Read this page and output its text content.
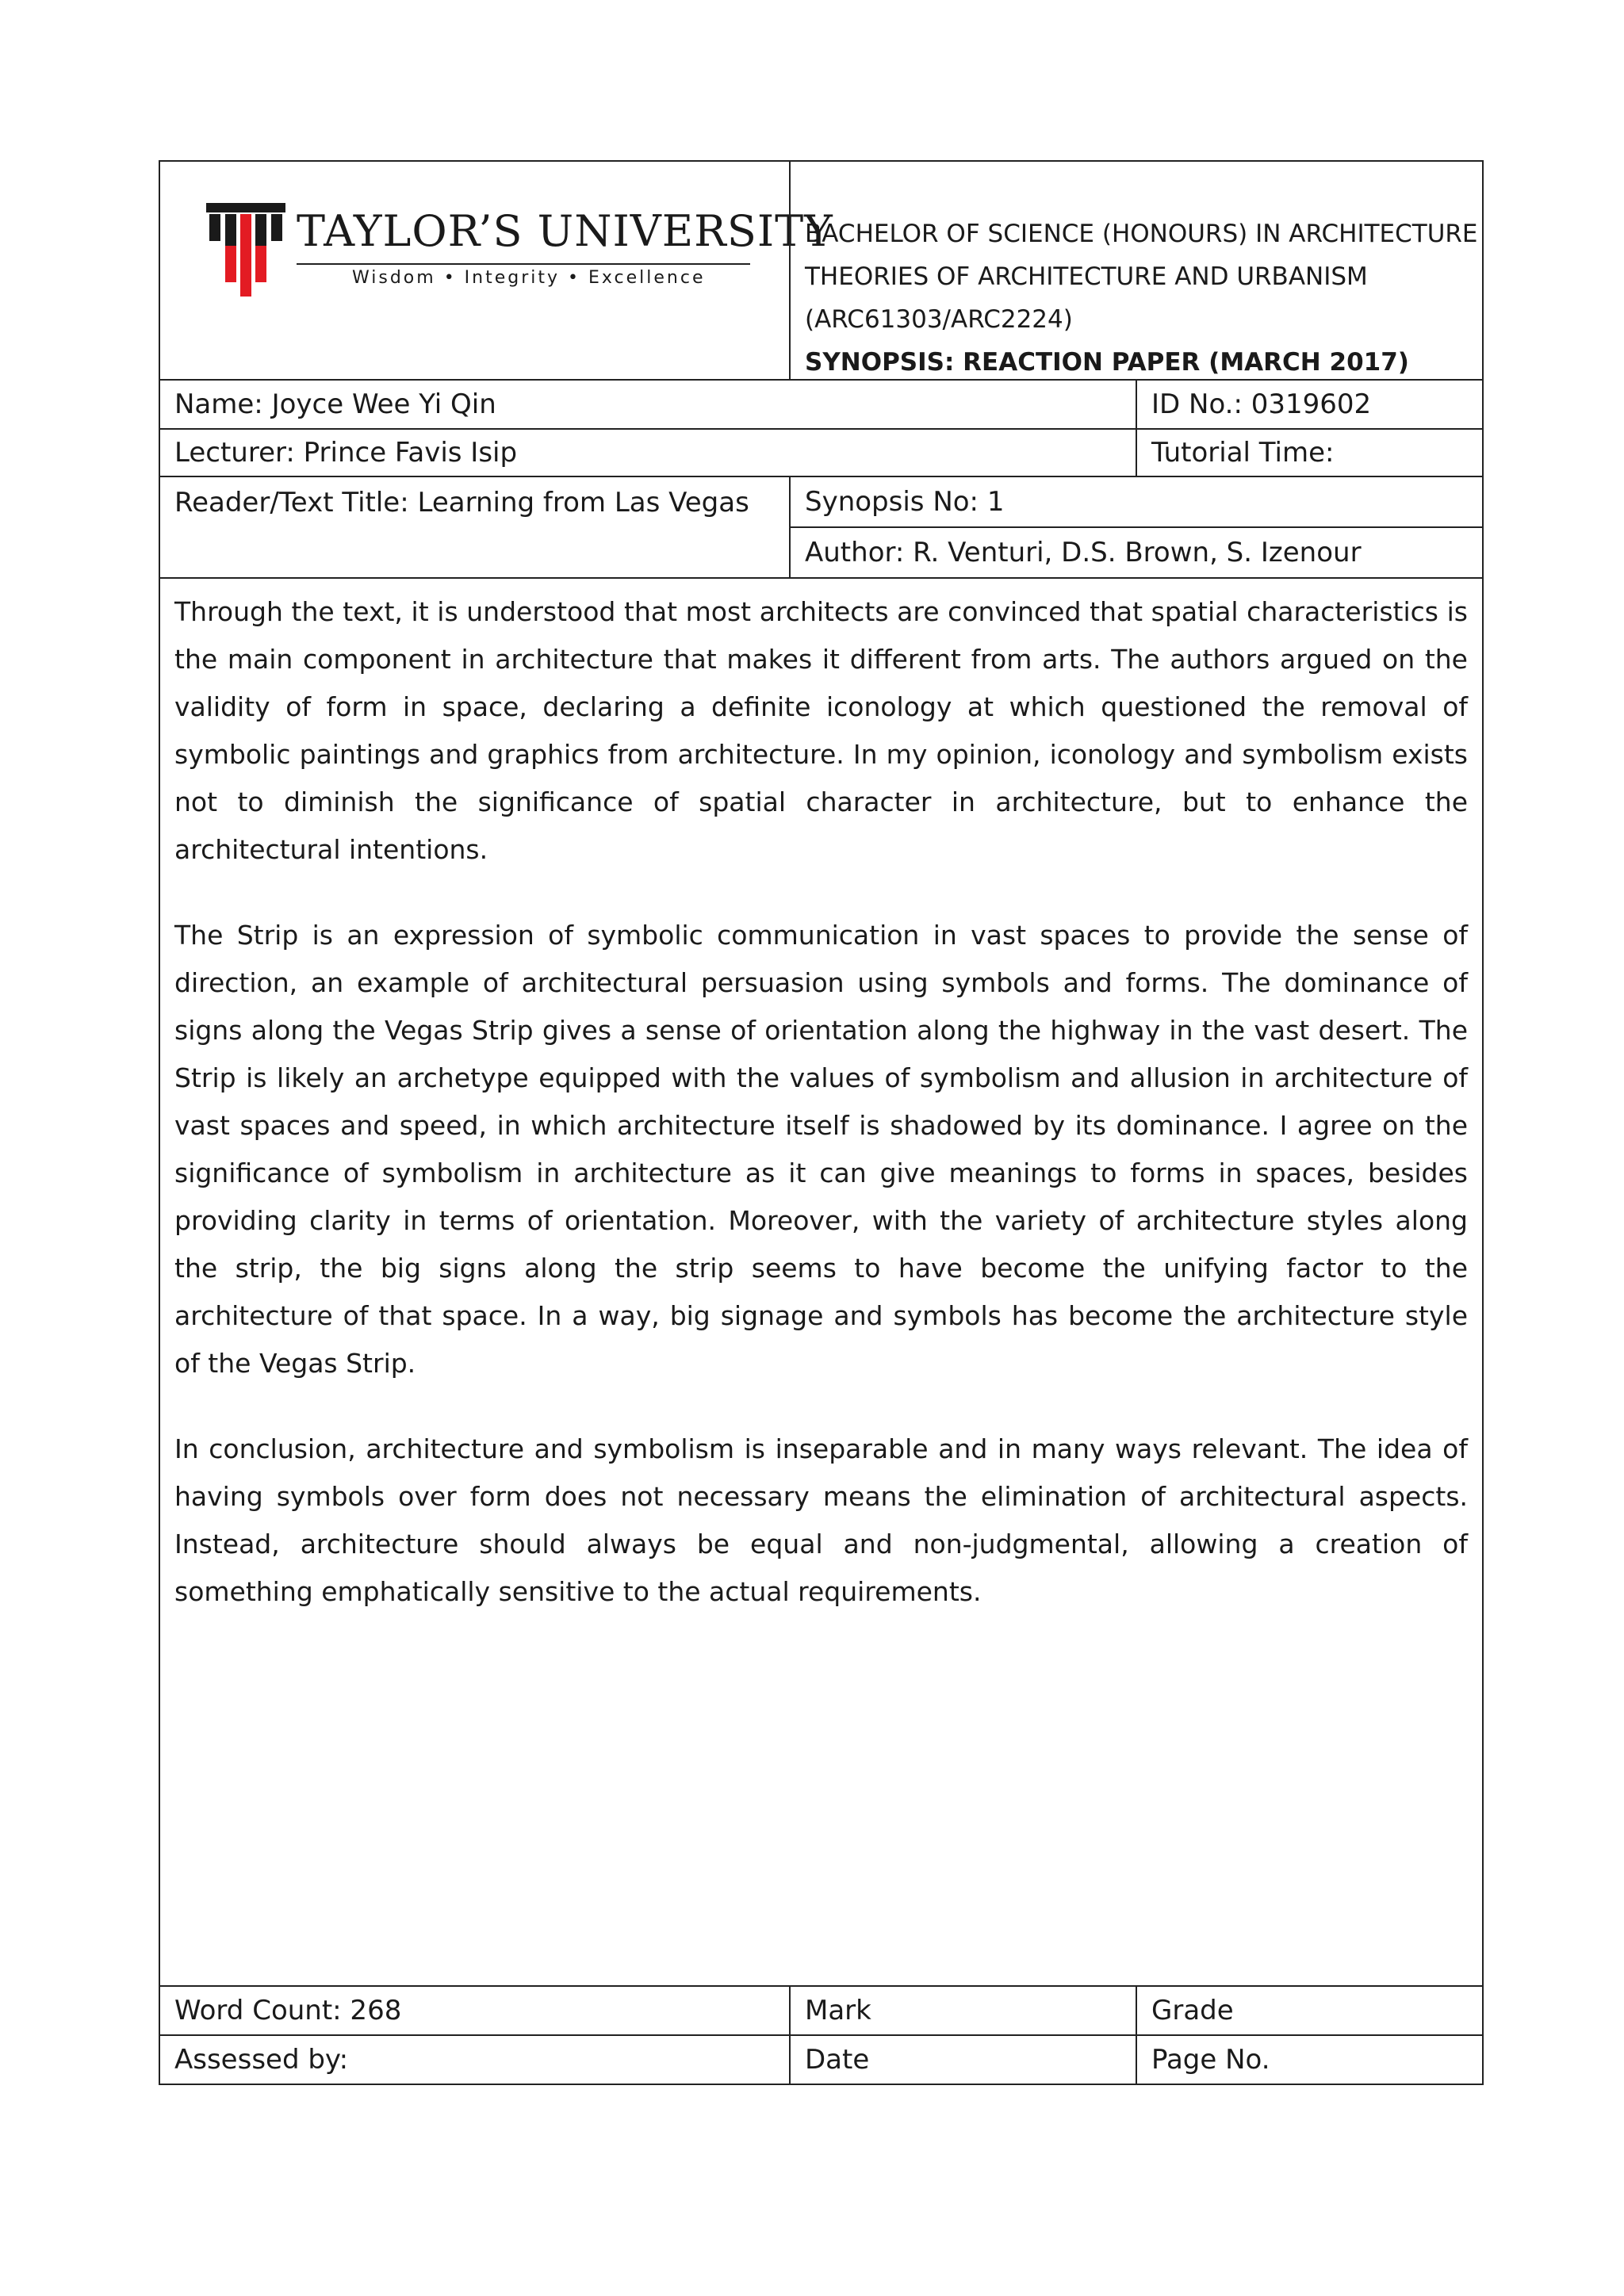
TAYLOR’S UNIVERSITY
Wisdom • Integrity • Excellence
BACHELOR OF SCIENCE (HONOURS) IN ARCHITECTURE
THEORIES OF ARCHITECTURE AND URBANISM
(ARC61303/ARC2224)
SYNOPSIS: REACTION PAPER (MARCH 2017)
Name: Joyce Wee Yi Qin	ID No.: 0319602
Lecturer: Prince Favis Isip	Tutorial Time:
Reader/Text Title: Learning from Las Vegas	Synopsis No: 1
Author: R. Venturi, D.S. Brown, S. Izenour

Through the text, it is understood that most architects are convinced that spatial characteristics is the main component in architecture that makes it different from arts. The authors argued on the validity of form in space, declaring a definite iconology at which questioned the removal of symbolic paintings and graphics from architecture. In my opinion, iconology and symbolism exists not to diminish the significance of spatial character in architecture, but to enhance the architectural intentions.

The Strip is an expression of symbolic communication in vast spaces to provide the sense of direction, an example of architectural persuasion using symbols and forms. The dominance of signs along the Vegas Strip gives a sense of orientation along the highway in the vast desert. The Strip is likely an archetype equipped with the values of symbolism and allusion in architecture of vast spaces and speed, in which architecture itself is shadowed by its dominance. I agree on the significance of symbolism in architecture as it can give meanings to forms in spaces, besides providing clarity in terms of orientation. Moreover, with the variety of architecture styles along the strip, the big signs along the strip seems to have become the unifying factor to the architecture of that space. In a way, big signage and symbols has become the architecture style of the Vegas Strip.

In conclusion, architecture and symbolism is inseparable and in many ways relevant. The idea of having symbols over form does not necessary means the elimination of architectural aspects. Instead, architecture should always be equal and non-judgmental, allowing a creation of something emphatically sensitive to the actual requirements.

Word Count: 268	Mark	Grade
Assessed by:	Date	Page No.
